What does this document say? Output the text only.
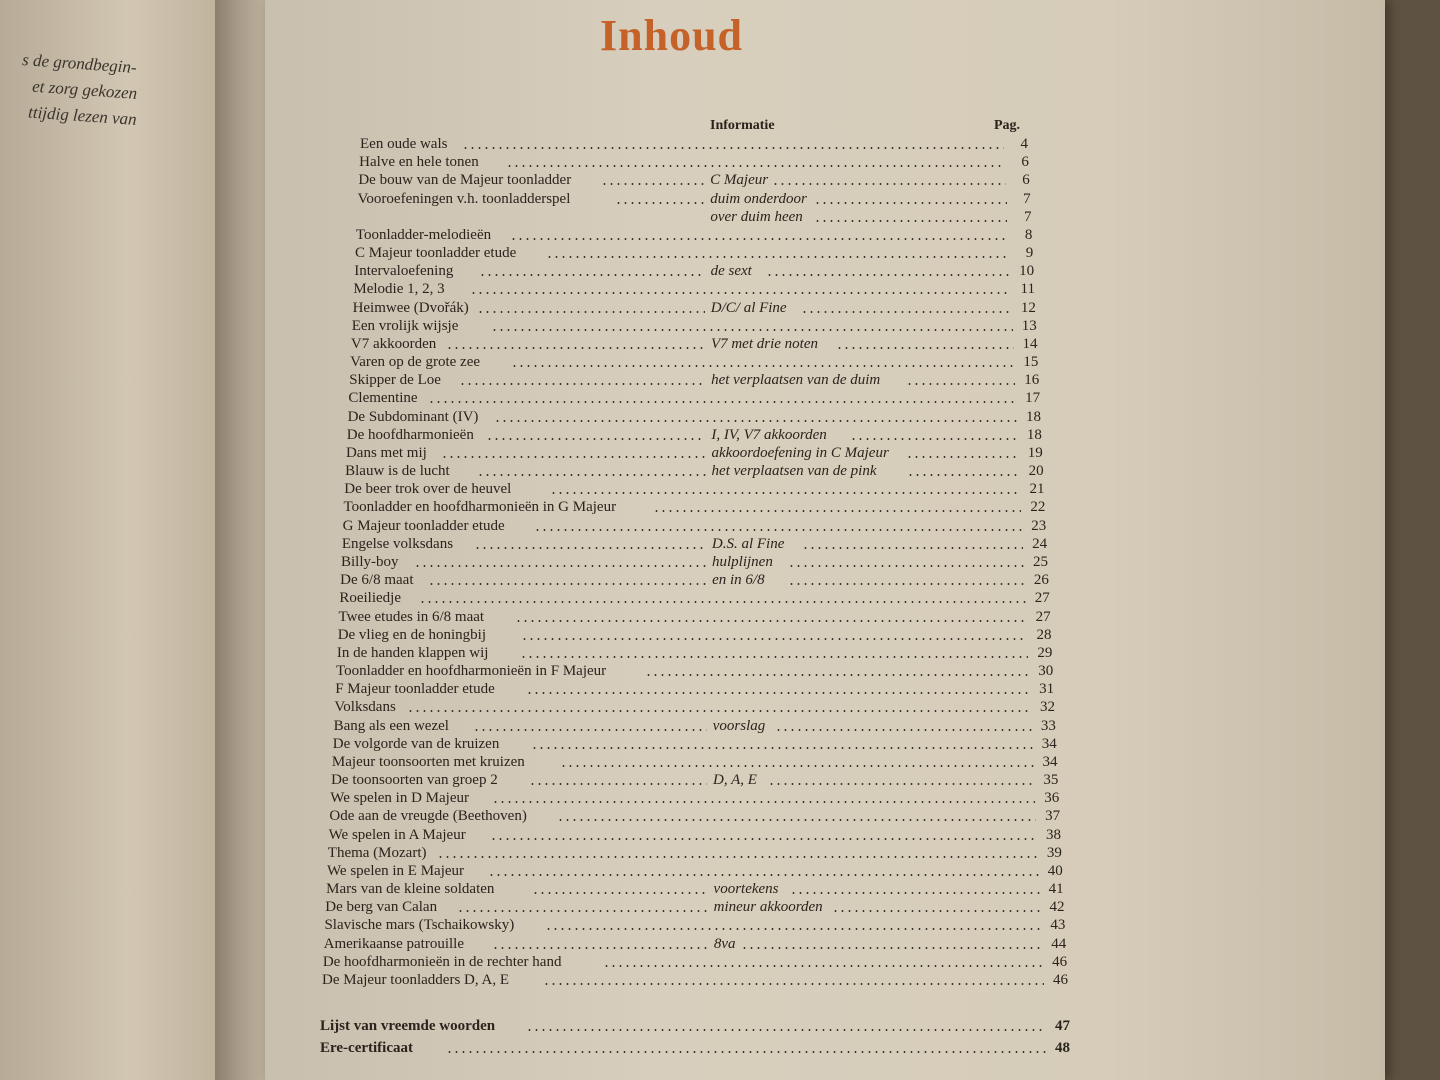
s de grondbegin-
et zorg gekozen
ttijdig lezen van
Inhoud
Informatie	Pag.
Een oude wals	4
Halve en hele tonen	6
De bouw van de Majeur toonladder	C Majeur	6
Vooroefeningen v.h. toonladderspel	duim onderdoor	7
over duim heen	7
Toonladder-melodieën	8
C Majeur toonladder etude	9
Intervaloefening	de sext	10
Melodie 1, 2, 3	11
Heimwee (Dvořák)	D/C/ al Fine	12
Een vrolijk wijsje	13
V7 akkoorden	V7 met drie noten	14
Varen op de grote zee	15
Skipper de Loe	het verplaatsen van de duim	16
Clementine	17
De Subdominant (IV)	18
De hoofdharmonieën	I, IV, V7 akkoorden	18
Dans met mij	akkoordoefening in C Majeur	19
Blauw is de lucht	het verplaatsen van de pink	20
De beer trok over de heuvel	21
Toonladder en hoofdharmonieën in G Majeur	22
G Majeur toonladder etude	23
Engelse volksdans	D.S. al Fine	24
Billy-boy	hulplijnen	25
De 6/8 maat	en in 6/8	26
Roeiliedje	27
Twee etudes in 6/8 maat	27
De vlieg en de honingbij	28
In de handen klappen wij	29
Toonladder en hoofdharmonieën in F Majeur	30
F Majeur toonladder etude	31
Volksdans	32
Bang als een wezel	voorslag	33
De volgorde van de kruizen	34
Majeur toonsoorten met kruizen	34
De toonsoorten van groep 2	D, A, E	35
We spelen in D Majeur	36
Ode aan de vreugde (Beethoven)	37
We spelen in A Majeur	38
Thema (Mozart)	39
We spelen in E Majeur	40
Mars van de kleine soldaten	voortekens	41
De berg van Calan	mineur akkoorden	42
Slavische mars (Tschaikowsky)	43
Amerikaanse patrouille	8va	44
De hoofdharmonieën in de rechter hand	46
De Majeur toonladders D, A, E	46
Lijst van vreemde woorden	47
Ere-certificaat	48
